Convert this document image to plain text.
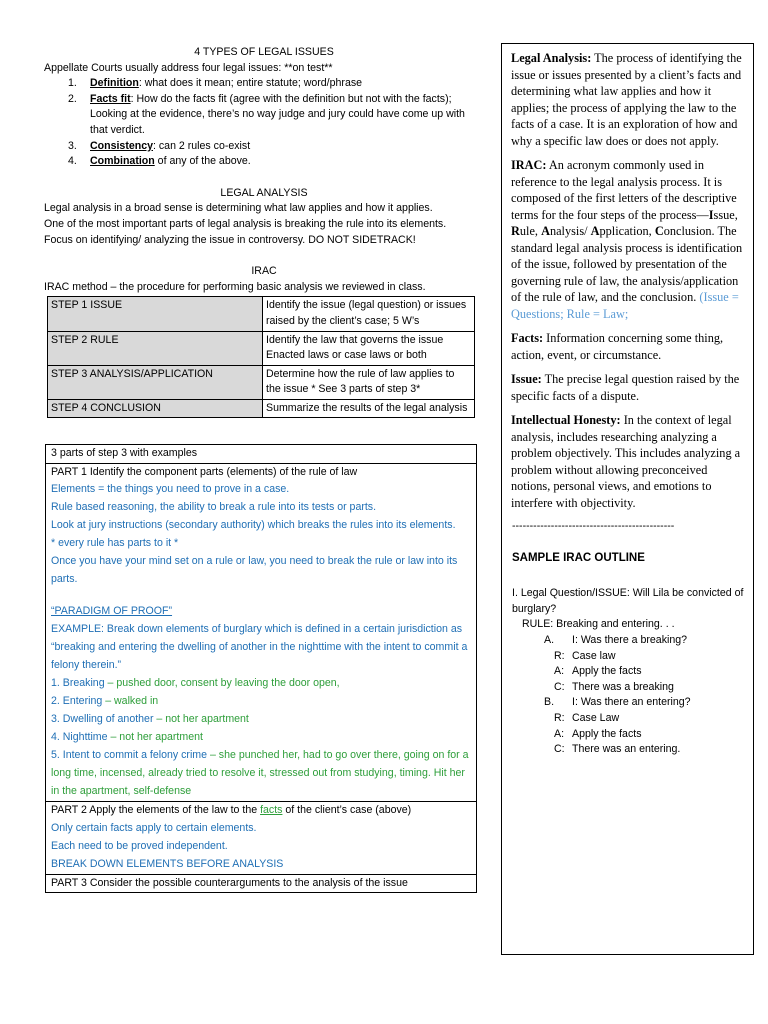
4 TYPES OF LEGAL ISSUES
Appellate Courts usually address four legal issues: **on test**
1. Definition: what does it mean; entire statute; word/phrase
2. Facts fit: How do the facts fit (agree with the definition but not with the facts); Looking at the evidence, there’s no way judge and jury could have come up with that verdict.
3. Consistency: can 2 rules co-exist
4. Combination of any of the above.
LEGAL ANALYSIS
Legal analysis in a broad sense is determining what law applies and how it applies.
One of the most important parts of legal analysis is breaking the rule into its elements.
Focus on identifying/ analyzing the issue in controversy. DO NOT SIDETRACK!
IRAC
IRAC method – the procedure for performing basic analysis we reviewed in class.
STEP 1 ISSUE	Identify the issue (legal question) or issues raised by the client’s case; 5 W’s
STEP 2 RULE	Identify the law that governs the issue Enacted laws or case laws or both
STEP 3 ANALYSIS/APPLICATION	Determine how the rule of law applies to the issue * See 3 parts of step 3*
STEP 4 CONCLUSION	Summarize the results of the legal analysis
3 parts of step 3 with examples
PART 1 Identify the component parts (elements) of the rule of law
Elements = the things you need to prove in a case.
Rule based reasoning, the ability to break a rule into its tests or parts.
Look at jury instructions (secondary authority) which breaks the rules into its elements.
* every rule has parts to it *
Once you have your mind set on a rule or law, you need to break the rule or law into its parts.
“PARADIGM OF PROOF”
EXAMPLE: Break down elements of burglary which is defined in a certain jurisdiction as “breaking and entering the dwelling of another in the nighttime with the intent to commit a felony therein.”
1. Breaking – pushed door, consent by leaving the door open,
2. Entering – walked in
3. Dwelling of another – not her apartment
4. Nighttime – not her apartment
5. Intent to commit a felony crime – she punched her, had to go over there, going on for a long time, incensed, already tried to resolve it, stressed out from studying, timing. Hit her in the apartment, self-defense
PART 2 Apply the elements of the law to the facts of the client’s case (above)
Only certain facts apply to certain elements.
Each need to be proved independent.
BREAK DOWN ELEMENTS BEFORE ANALYSIS
PART 3 Consider the possible counterarguments to the analysis of the issue

Legal Analysis: The process of identifying the issue or issues presented by a client’s facts and determining what law applies and how it applies; the process of applying the law to the facts of a case. It is an exploration of how and why a specific law does or does not apply.

IRAC: An acronym commonly used in reference to the legal analysis process. It is composed of the first letters of the descriptive terms for the four steps of the process—Issue, Rule, Analysis/ Application, Conclusion. The standard legal analysis process is identification of the issue, followed by presentation of the governing rule of law, the analysis/application of the rule of law, and the conclusion. (Issue = Questions; Rule = Law;

Facts: Information concerning some thing, action, event, or circumstance.

Issue: The precise legal question raised by the specific facts of a dispute.

Intellectual Honesty: In the context of legal analysis, includes researching analyzing a problem objectively. This includes analyzing a problem without allowing preconceived notions, personal views, and emotions to interfere with objectivity.

----------------------------------------------
SAMPLE IRAC OUTLINE
I. Legal Question/ISSUE: Will Lila be convicted of burglary?
RULE: Breaking and entering. . .
A. I: Was there a breaking?
R: Case law
A: Apply the facts
C: There was a breaking
B. I: Was there an entering?
R: Case Law
A: Apply the facts
C: There was an entering.
